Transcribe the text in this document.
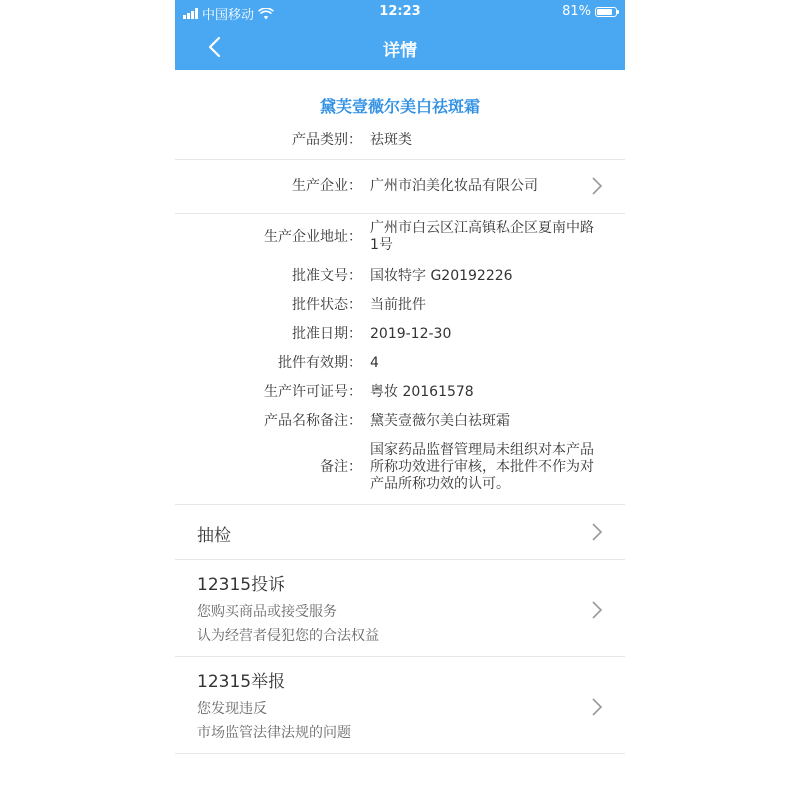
中国移动	12:23	81%
详情
黛芙壹薇尔美白祛斑霜
产品类别： 祛斑类
生产企业： 广州市泊美化妆品有限公司
生产企业地址：
广州市白云区江高镇私企区夏南中路1号
批准文号： 国妆特字 G20192226
批件状态： 当前批件
批准日期： 2019-12-30
批件有效期： 4
生产许可证号： 粤妆 20161578
产品名称备注： 黛芙壹薇尔美白祛斑霜
备注：
国家药品监督管理局未组织对本产品所称功效进行审核，本批件不作为对产品所称功效的认可。
抽检
12315投诉
您购买商品或接受服务
认为经营者侵犯您的合法权益
12315举报
您发现违反
市场监管法律法规的问题
